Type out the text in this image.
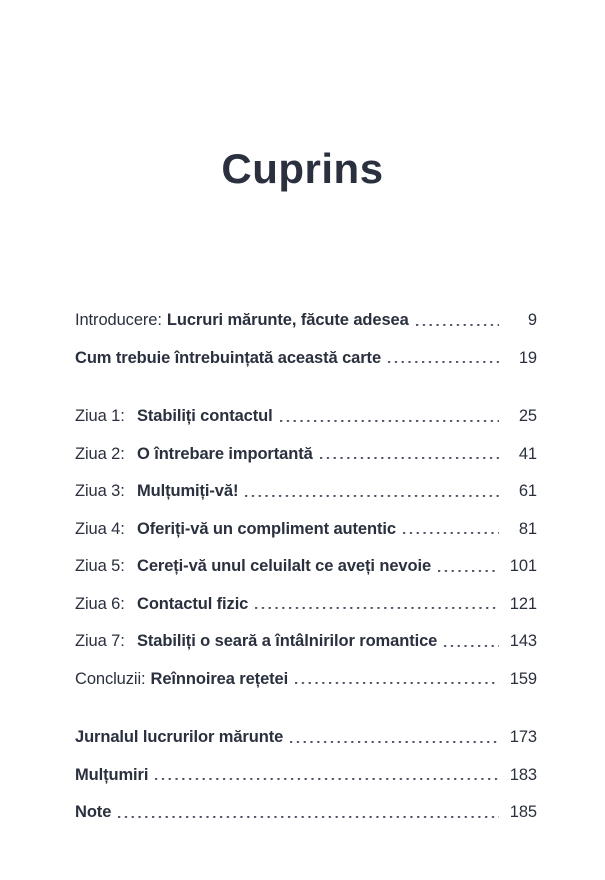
Cuprins
Introducere: Lucruri mărunte, făcute adesea	9
Cum trebuie întrebuințată această carte	19
Ziua 1: Stabiliți contactul	25
Ziua 2: O întrebare importantă	41
Ziua 3: Mulțumiți-vă!	61
Ziua 4: Oferiți-vă un compliment autentic	81
Ziua 5: Cereți-vă unul celuilalt ce aveți nevoie	101
Ziua 6: Contactul fizic	121
Ziua 7: Stabiliți o seară a întâlnirilor romantice	143
Concluzii: Reînnoirea rețetei	159
Jurnalul lucrurilor mărunte	173
Mulțumiri	183
Note	185
